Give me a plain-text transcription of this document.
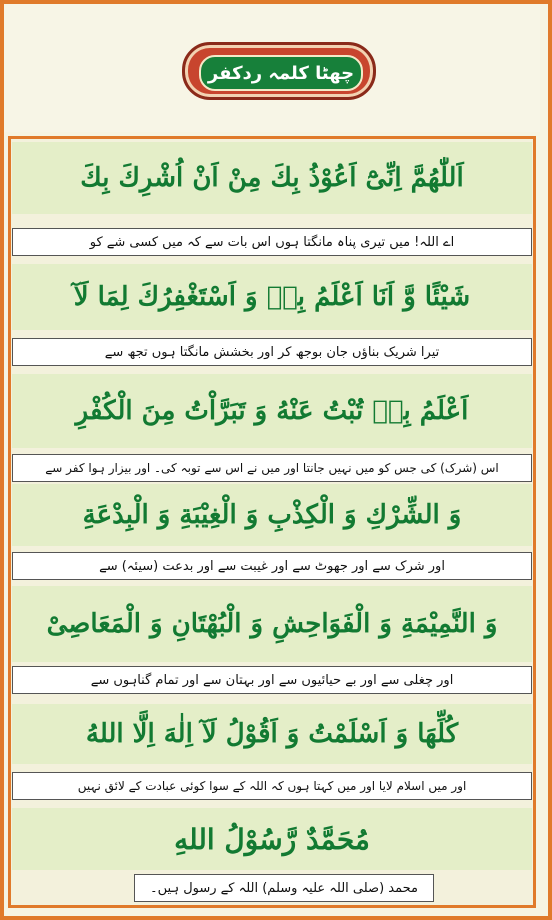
چھٹا کلمہ ردکفر
اَللّٰهُمَّ اِنِّىْٓ اَعُوْذُ بِكَ مِنْ اَنْ اُشْرِكَ بِكَ
اے اللہ! میں تیری پناہ مانگتا ہوں اس بات سے کہ میں کسی شے کو
شَيْئًا وَّ اَنَا اَعْلَمُ بِهٖ وَ اَسْتَغْفِرُكَ لِمَا لَآ
تیرا شریک بناؤں جان بوجھ کر اور بخشش مانگتا ہوں تجھ سے
اَعْلَمُ بِهٖ تُبْتُ عَنْهُ وَ تَبَرَّاْتُ مِنَ الْكُفْرِ
اس (شرک) کی جس کو میں نہیں جانتا اور میں نے اس سے توبہ کی۔ اور بیزار ہوا کفر سے
وَ الشِّرْكِ وَ الْكِذْبِ وَ الْغِيْبَةِ وَ الْبِدْعَةِ
اور شرک سے اور جھوٹ سے اور غیبت سے اور بدعت (سیئہ) سے
وَ النَّمِيْمَةِ وَ الْفَوَاحِشِ وَ الْبُهْتَانِ وَ الْمَعَاصِىْ
اور چغلی سے اور بے حیائیوں سے اور بہتان سے اور تمام گناہوں سے
كُلِّهَا وَ اَسْلَمْتُ وَ اَقُوْلُ لَآ اِلٰهَ اِلَّا اللهُ
اور میں اسلام لایا اور میں کہتا ہوں کہ اللہ کے سوا کوئی عبادت کے لائق نہیں
مُحَمَّدٌ رَّسُوْلُ اللهِ
محمد (صلی اللہ علیہ وسلم) اللہ کے رسول ہیں۔
